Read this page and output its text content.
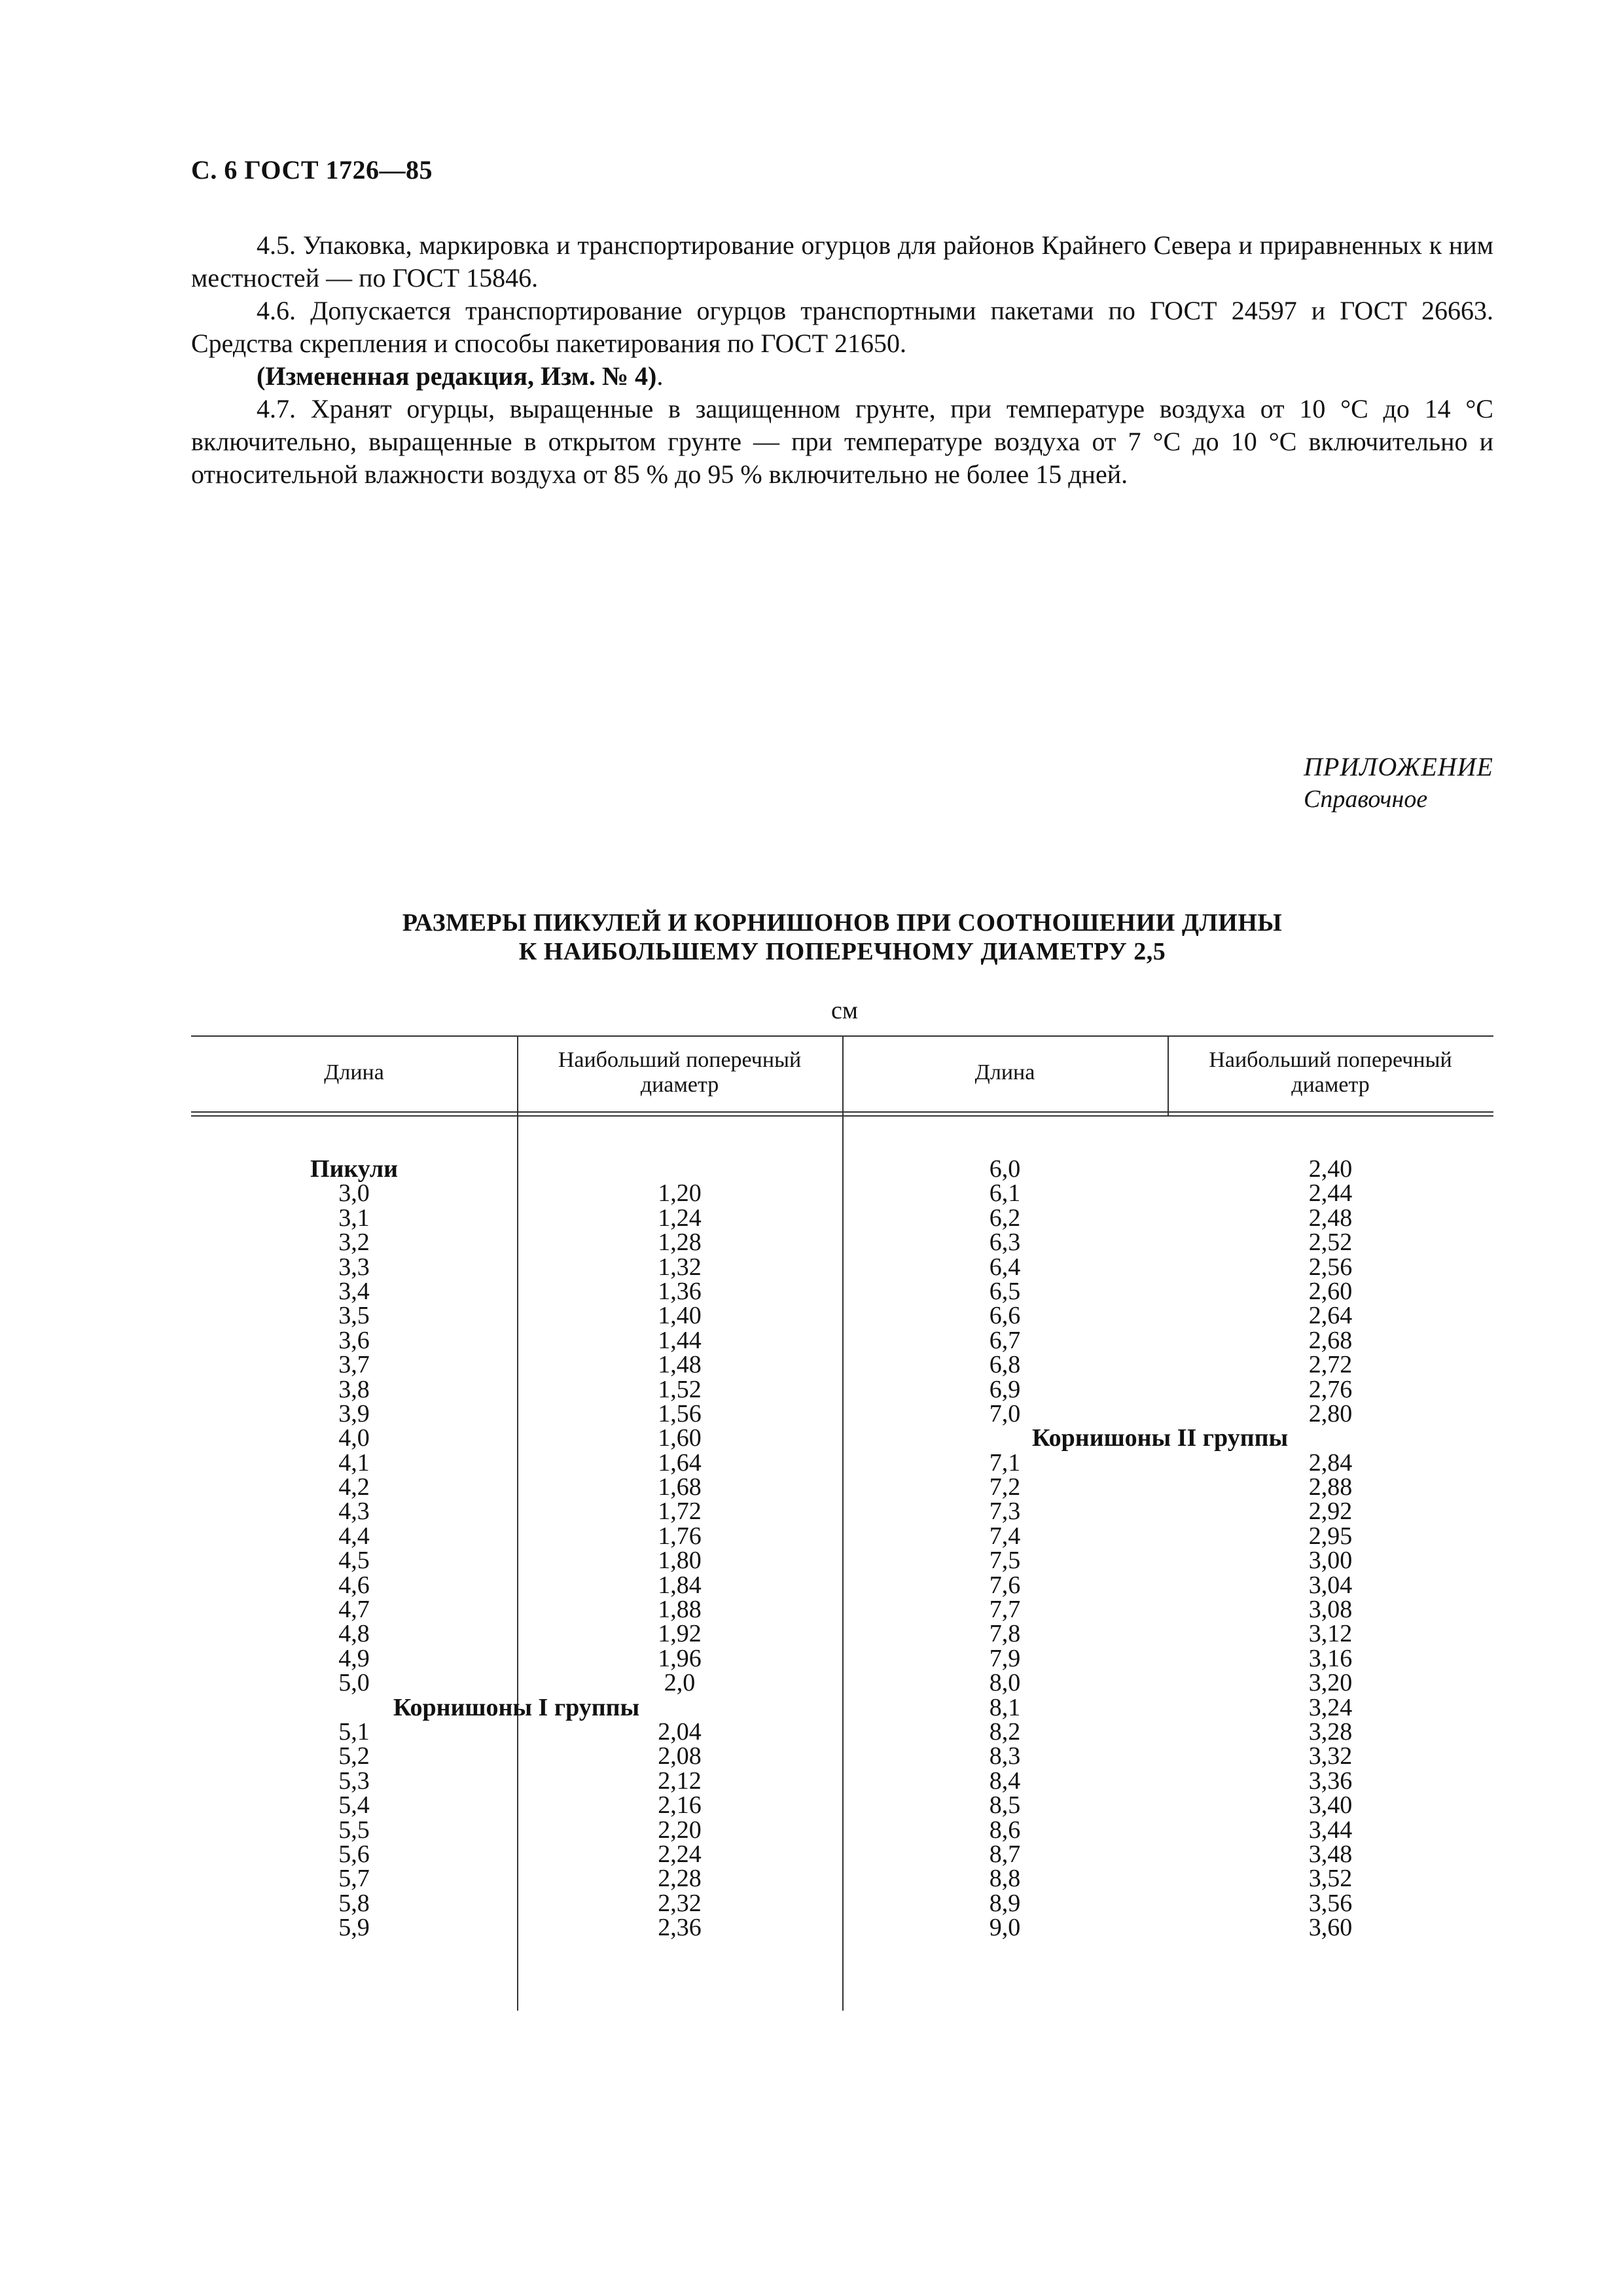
С. 6 ГОСТ 1726—85

4.5. Упаковка, маркировка и транспортирование огурцов для районов Крайнего Севера и приравненных к ним местностей — по ГОСТ 15846.

4.6. Допускается транспортирование огурцов транспортными пакетами по ГОСТ 24597 и ГОСТ 26663. Средства скрепления и способы пакетирования по ГОСТ 21650.

(Измененная редакция, Изм. № 4).

4.7. Хранят огурцы, выращенные в защищенном грунте, при температуре воздуха от 10 °С до 14 °С включительно, выращенные в открытом грунте — при температуре воздуха от 7 °С до 10 °С включительно и относительной влажности воздуха от 85 % до 95 % включительно не более 15 дней.

ПРИЛОЖЕНИЕ
Справочное
РАЗМЕРЫ ПИКУЛЕЙ И КОРНИШОНОВ ПРИ СООТНОШЕНИИ ДЛИНЫ
К НАИБОЛЬШЕМУ ПОПЕРЕЧНОМУ ДИАМЕТРУ 2,5
см
Длина
Наибольший поперечный диаметр
Длина
Наибольший поперечный диаметр
Пикули
3,0
3,1
3,2
3,3
3,4
3,5
3,6
3,7
3,8
3,9
4,0
4,1
4,2
4,3
4,4
4,5
4,6
4,7
4,8
4,9
5,0
Корнишоны I группы
5,1
5,2
5,3
5,4
5,5
5,6
5,7
5,8
5,9
1,20
1,24
1,28
1,32
1,36
1,40
1,44
1,48
1,52
1,56
1,60
1,64
1,68
1,72
1,76
1,80
1,84
1,88
1,92
1,96
2,0
2,04
2,08
2,12
2,16
2,20
2,24
2,28
2,32
2,36
6,0
6,1
6,2
6,3
6,4
6,5
6,6
6,7
6,8
6,9
7,0
Корнишоны II группы
7,1
7,2
7,3
7,4
7,5
7,6
7,7
7,8
7,9
8,0
8,1
8,2
8,3
8,4
8,5
8,6
8,7
8,8
8,9
9,0
2,40
2,44
2,48
2,52
2,56
2,60
2,64
2,68
2,72
2,76
2,80
2,84
2,88
2,92
2,95
3,00
3,04
3,08
3,12
3,16
3,20
3,24
3,28
3,32
3,36
3,40
3,44
3,48
3,52
3,56
3,60
